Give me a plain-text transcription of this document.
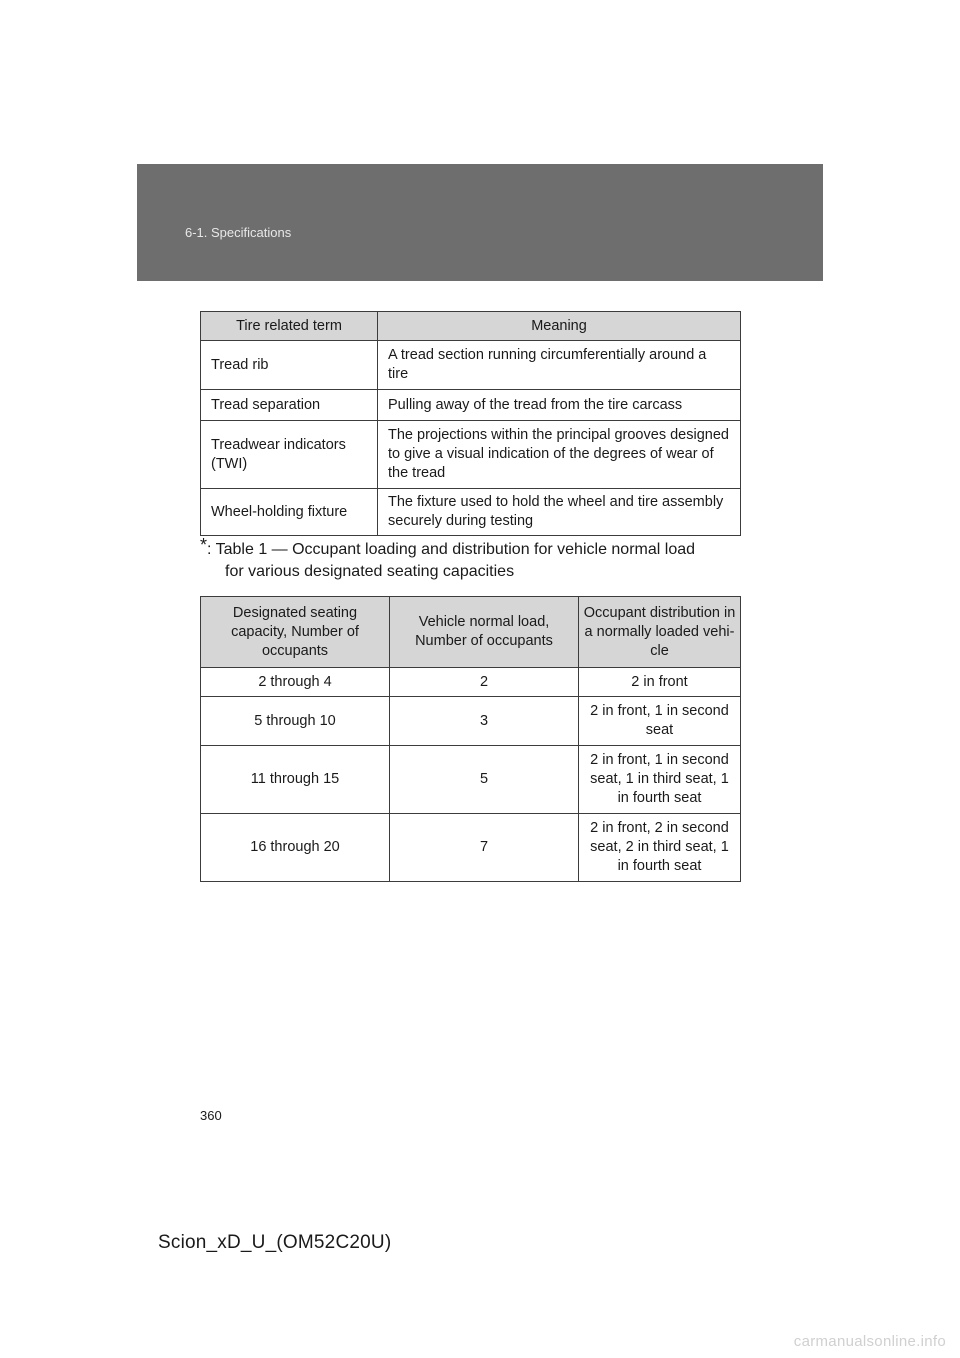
6-1. Specifications
Tire related term	Meaning
Tread rib	A tread section running circumferentially around a tire
Tread separation	Pulling away of the tread from the tire carcass
Treadwear indicators (TWI)	The projections within the principal grooves designed to give a visual indication of the degrees of wear of the tread
Wheel-holding fixture	The fixture used to hold the wheel and tire assembly securely during testing
*: Table 1 — Occupant loading and distribution for vehicle normal load
for various designated seating capacities
Designated seating capacity, Number of occupants	Vehicle normal load, Number of occupants	Occupant distribution in a normally loaded vehi-cle
2 through 4	2	2 in front
5 through 10	3	2 in front, 1 in second seat
11 through 15	5	2 in front, 1 in second seat, 1 in third seat, 1 in fourth seat
16 through 20	7	2 in front, 2 in second seat, 2 in third seat, 1 in fourth seat
360
Scion_xD_U_(OM52C20U)
carmanualsonline.info
